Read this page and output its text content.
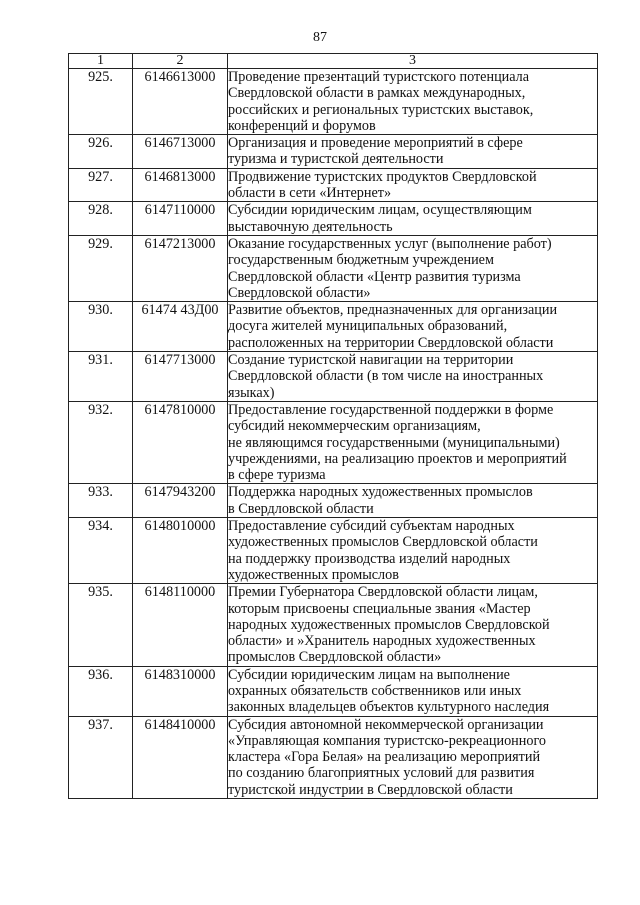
87
1	2	3
925.	6146613000	Проведение презентаций туристского потенциала
Свердловской области в рамках международных,
российских и региональных туристских выставок,
конференций и форумов

926.	6146713000	Организация и проведение мероприятий в сфере
туризма и туристской деятельности

927.	6146813000	Продвижение туристских продуктов Свердловской
области в сети «Интернет»

928.	6147110000	Субсидии юридическим лицам, осуществляющим
выставочную деятельность

929.	6147213000	Оказание государственных услуг (выполнение работ)
государственным бюджетным учреждением
Свердловской области «Центр развития туризма
Свердловской области»

930.	61474 43Д00	Развитие объектов, предназначенных для организации
досуга жителей муниципальных образований,
расположенных на территории Свердловской области

931.	6147713000	Создание туристской навигации на территории
Свердловской области (в том числе на иностранных
языках)

932.	6147810000	Предоставление государственной поддержки в форме
субсидий некоммерческим организациям,
не являющимся государственными (муниципальными)
учреждениями, на реализацию проектов и мероприятий
в сфере туризма

933.	6147943200	Поддержка народных художественных промыслов
в Свердловской области

934.	6148010000	Предоставление субсидий субъектам народных
художественных промыслов Свердловской области
на поддержку производства изделий народных
художественных промыслов

935.	6148110000	Премии Губернатора Свердловской области лицам,
которым присвоены специальные звания «Мастер
народных художественных промыслов Свердловской
области» и »Хранитель народных художественных
промыслов Свердловской области»

936.	6148310000	Субсидии юридическим лицам на выполнение
охранных обязательств собственников или иных
законных владельцев объектов культурного наследия

937.	6148410000	Субсидия автономной некоммерческой организации
«Управляющая компания туристско-рекреационного
кластера «Гора Белая» на реализацию мероприятий
по созданию благоприятных условий для развития
туристской индустрии в Свердловской области
